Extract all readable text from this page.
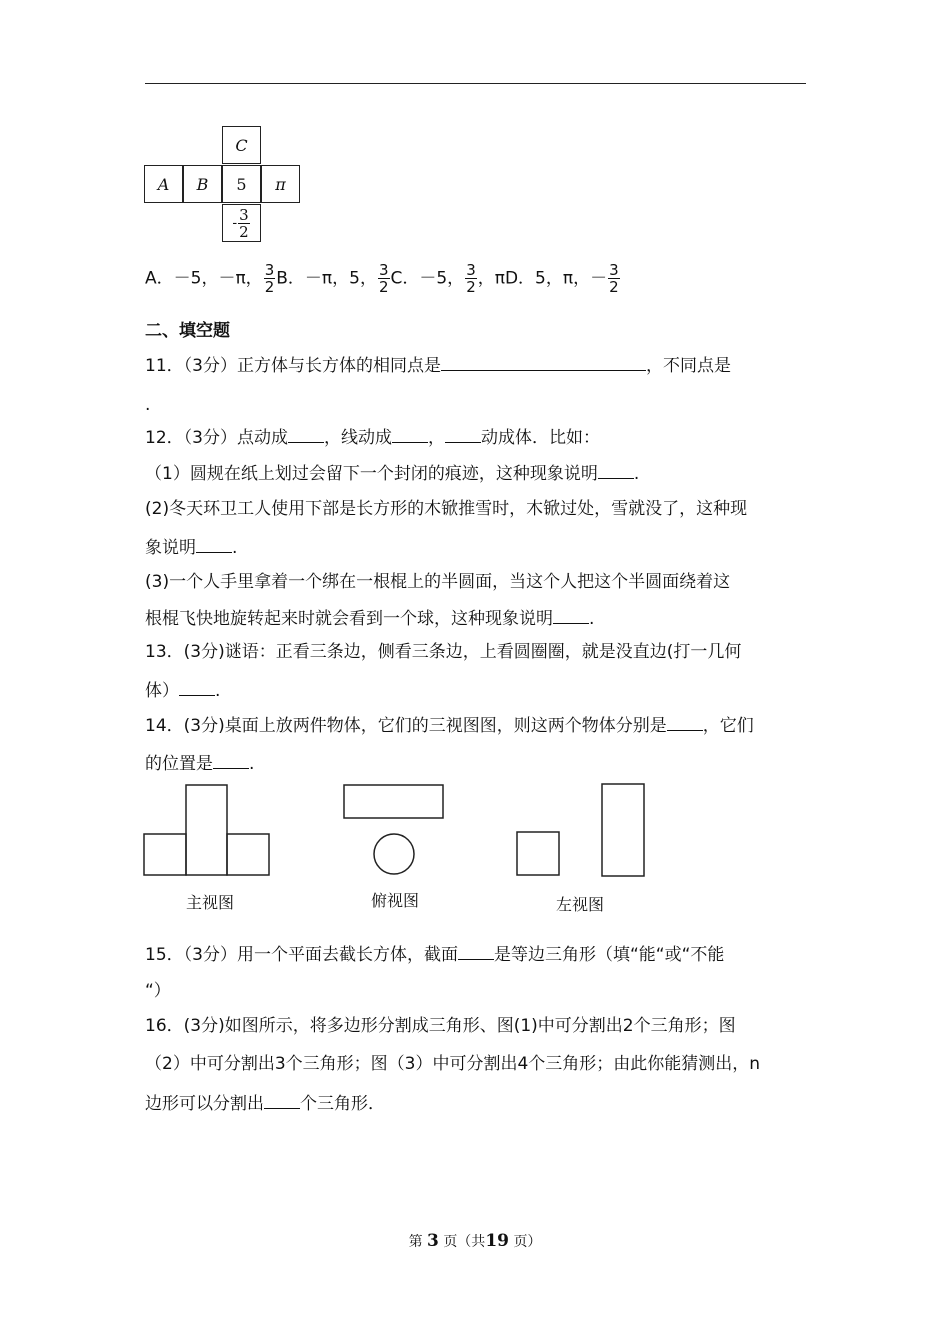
C
A B 5 π
- $\frac{3}{2}$
A．－5，－π， $\frac{3}{2}$ B．－π，5， $\frac{3}{2}$ C．－5， $\frac{3}{2}$ ，πD．5，π，－ $\frac{3}{2}$
二、填空题
11．（3分）正方体与长方体的相同点是	，不同点是
.
12．（3分）点动成 ，线动成 ， 动成体．比如：
（1）圆规在纸上划过会留下一个封闭的痕迹，这种现象说明 .
(2)冬天环卫工人使用下部是长方形的木锨推雪时，木锨过处，雪就没了，这种现
象说明 .
(3)一个人手里拿着一个绑在一根棍上的半圆面，当这个人把这个半圆面绕着这
根棍飞快地旋转起来时就会看到一个球，这种现象说明 .
13．(3分)谜语：正看三条边，侧看三条边，上看圆圈圈，就是没直边(打一几何
体） .
14．(3分)桌面上放两件物体，它们的三视图图，则这两个物体分别是 ，它们
的位置是 .
主视图	俯视图	左视图
15．（3分）用一个平面去截长方体，截面 是等边三角形（填“能“或“不能
“）
16．(3分)如图所示，将多边形分割成三角形、图(1)中可分割出2个三角形；图
（2）中可分割出3个三角形；图（3）中可分割出4个三角形；由此你能猜测出，n
边形可以分割出 个三角形．
第 3 页（共19 页）
